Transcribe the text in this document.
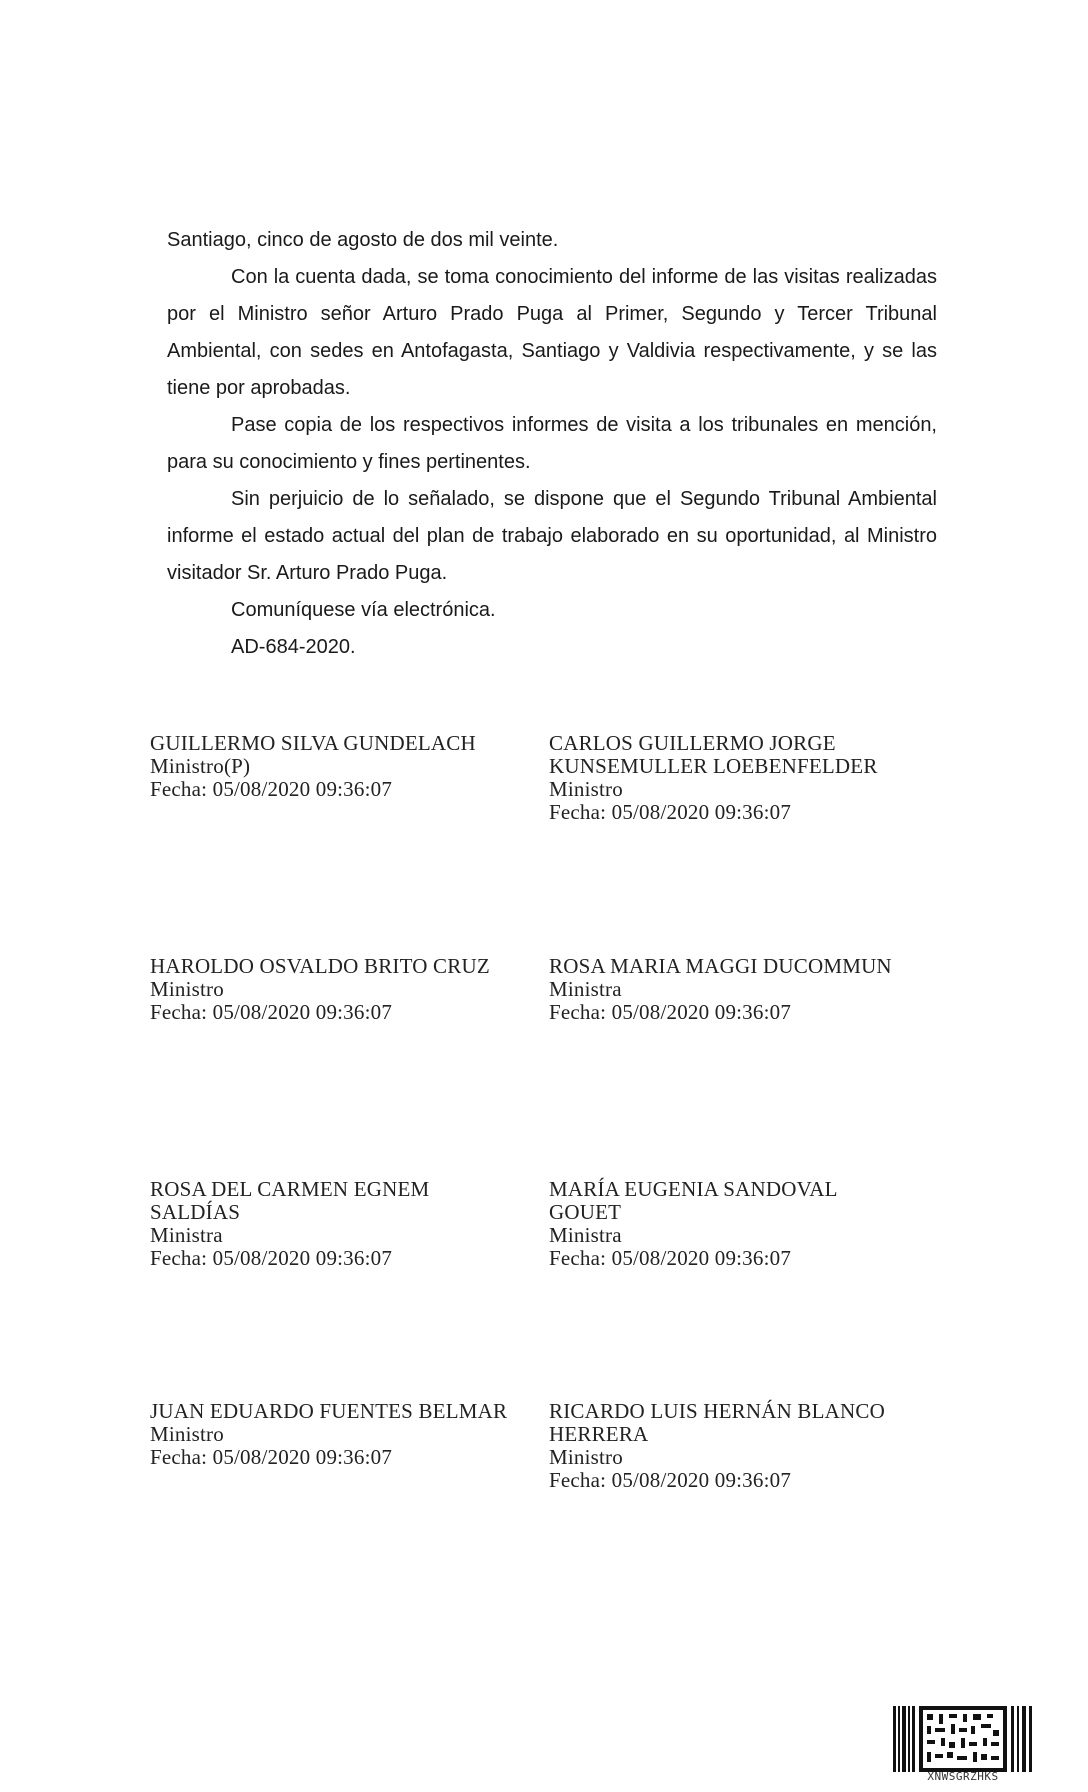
Santiago, cinco de agosto de dos mil veinte.

Con la cuenta dada, se toma conocimiento del informe de las visitas realizadas por el Ministro señor Arturo Prado Puga al Primer, Segundo y Tercer Tribunal Ambiental, con sedes en Antofagasta, Santiago y Valdivia respectivamente, y se las tiene por aprobadas.

Pase copia de los respectivos informes de visita a los tribunales en mención, para su conocimiento y fines pertinentes.

Sin perjuicio de lo señalado, se dispone que el Segundo Tribunal Ambiental informe el estado actual del plan de trabajo elaborado en su oportunidad, al Ministro visitador Sr. Arturo Prado Puga.

Comuníquese vía electrónica.

AD-684-2020.

GUILLERMO SILVA GUNDELACH
Ministro(P)
Fecha: 05/08/2020 09:36:07
CARLOS GUILLERMO JORGE
KUNSEMULLER LOEBENFELDER
Ministro
Fecha: 05/08/2020 09:36:07
HAROLDO OSVALDO BRITO CRUZ
Ministro
Fecha: 05/08/2020 09:36:07
ROSA MARIA MAGGI DUCOMMUN
Ministra
Fecha: 05/08/2020 09:36:07
ROSA DEL CARMEN EGNEM
SALDÍAS
Ministra
Fecha: 05/08/2020 09:36:07
MARÍA EUGENIA SANDOVAL
GOUET
Ministra
Fecha: 05/08/2020 09:36:07
JUAN EDUARDO FUENTES BELMAR
Ministro
Fecha: 05/08/2020 09:36:07
RICARDO LUIS HERNÁN BLANCO
HERRERA
Ministro
Fecha: 05/08/2020 09:36:07
XNWSGRZHKS
